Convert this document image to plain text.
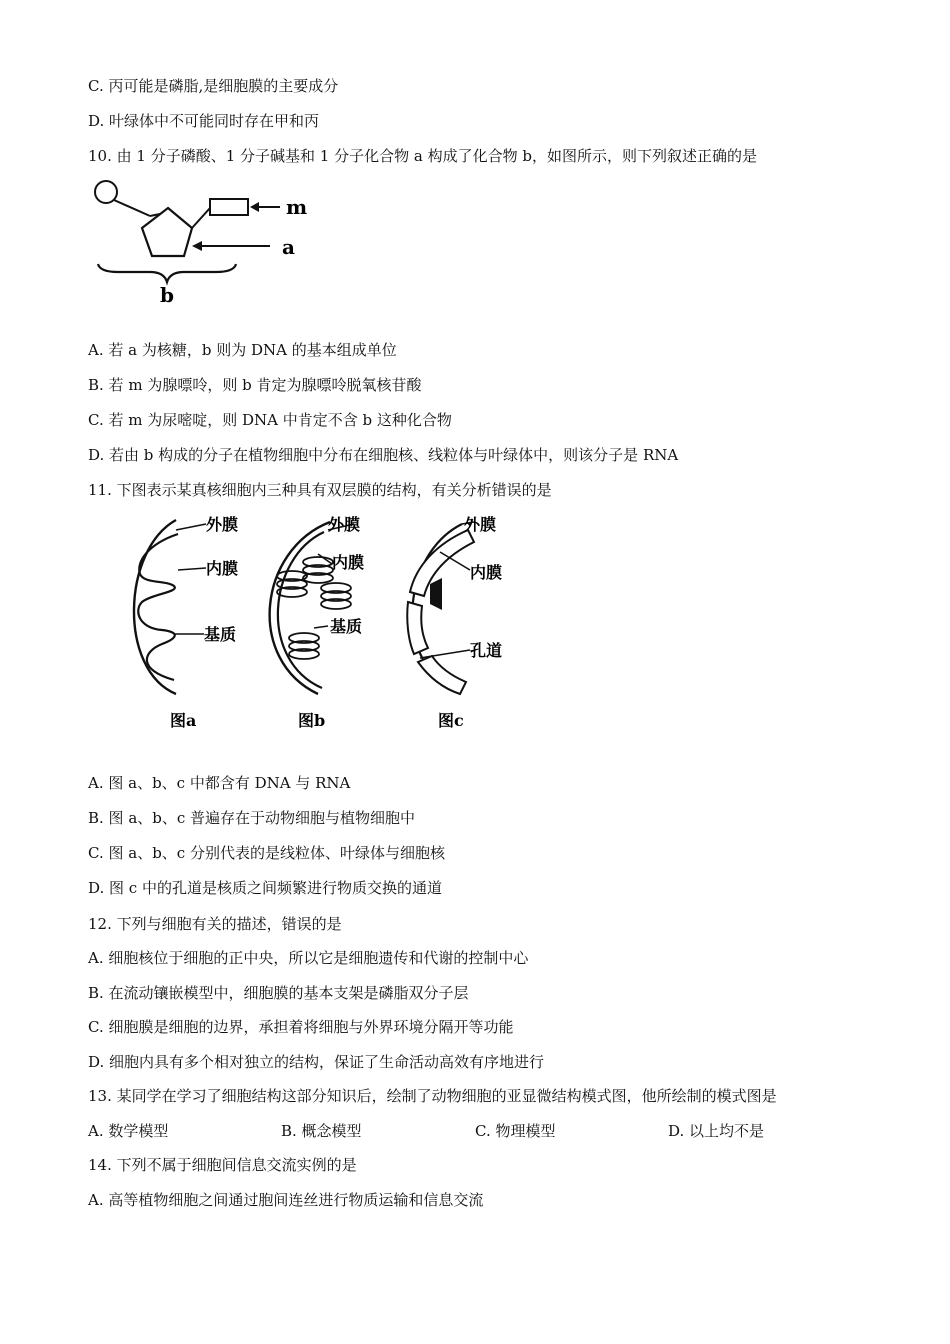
C. 丙可能是磷脂,是细胞膜的主要成分
D. 叶绿体中不可能同时存在甲和丙
10. 由 1 分子磷酸、1 分子碱基和 1 分子化合物 a 构成了化合物 b，如图所示，则下列叙述正确的是
m
a
b
A. 若 a 为核糖，b 则为 DNA 的基本组成单位
B. 若 m 为腺嘌呤，则 b 肯定为腺嘌呤脱氧核苷酸
C. 若 m 为尿嘧啶，则 DNA 中肯定不含 b 这种化合物
D. 若由 b 构成的分子在植物细胞中分布在细胞核、线粒体与叶绿体中，则该分子是 RNA
11. 下图表示某真核细胞内三种具有双层膜的结构，有关分析错误的是
外膜
内膜
基质
图a
外膜
内膜
基质
图b
外膜
内膜
孔道
图c
A. 图 a、b、c 中都含有 DNA 与 RNA
B. 图 a、b、c 普遍存在于动物细胞与植物细胞中
C. 图 a、b、c 分别代表的是线粒体、叶绿体与细胞核
D. 图 c 中的孔道是核质之间频繁进行物质交换的通道
12. 下列与细胞有关的描述，错误的是
A. 细胞核位于细胞的正中央，所以它是细胞遗传和代谢的控制中心
B. 在流动镶嵌模型中，细胞膜的基本支架是磷脂双分子层
C. 细胞膜是细胞的边界，承担着将细胞与外界环境分隔开等功能
D. 细胞内具有多个相对独立的结构，保证了生命活动高效有序地进行
13. 某同学在学习了细胞结构这部分知识后，绘制了动物细胞的亚显微结构模式图，他所绘制的模式图是
A. 数学模型	B. 概念模型	C. 物理模型	D. 以上均不是
14. 下列不属于细胞间信息交流实例的是
A. 高等植物细胞之间通过胞间连丝进行物质运输和信息交流
